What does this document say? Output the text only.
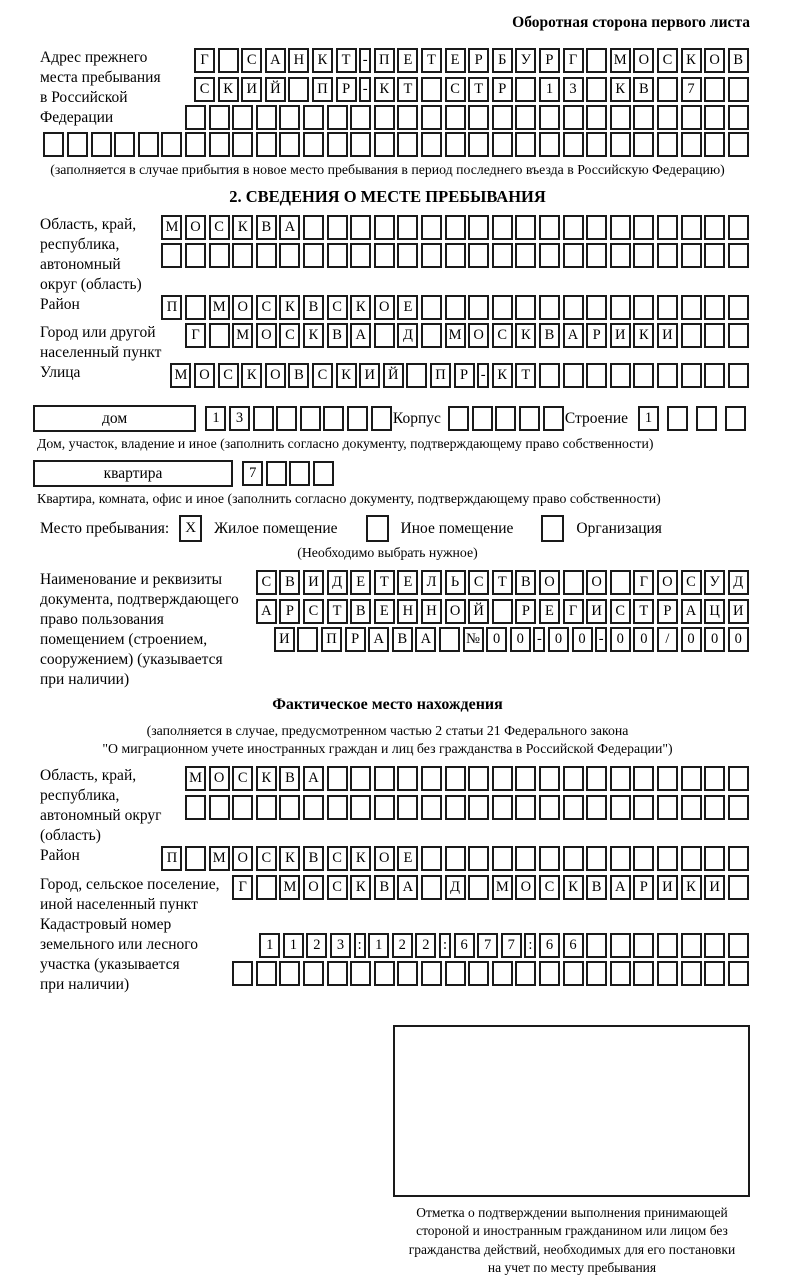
Оборотная сторона первого листа
Адрес прежнего
места пребывания
в Российской
Федерации
Г	С А Н К Т - П Е	Т	Е	Р	Б У Р	Г	М О С К О В
С К И Й	П Р - К Т	С Т	Р	1	3	К В	7
(заполняется в случае прибытия в новое место пребывания в период последнего въезда в Российскую Федерацию)
2. СВЕДЕНИЯ О МЕСТЕ ПРЕБЫВАНИЯ
Область, край,
республика,
автономный
округ (область)
М О С К В А
Район	П	М О С К В С К О Е
Город или другой
населенный пункт
Г	М О С К В А	Д	М О С К В А Р И К И
Улица	М О С К О В С К И Й	П Р - К Т
дом	1	3	Корпус	Строение	1
Дом, участок, владение и иное (заполнить согласно документу, подтверждающему право собственности)
квартира	7
Квартира, комната, офис и иное (заполнить согласно документу, подтверждающему право собственности)
Место пребывания:	X	Жилое помещение	Иное помещение	Организация
(Необходимо выбрать нужное)
Наименование и реквизиты
документа, подтверждающего
право пользования
помещением (строением,
сооружением) (указывается
при наличии)
С В И Д Е	Т	Е Л	Ь	С Т В О	О	Г О С У Д
А Р	С Т В Е Н Н О Й	Р	Е	Г И С Т	Р А Ц И
И	П Р А В А	№ 0	0 - 0	0 - 0	0	/	0	0	0
Фактическое место нахождения
(заполняется в случае, предусмотренном частью 2 статьи 21 Федерального закона
"О миграционном учете иностранных граждан и лиц без гражданства в Российской Федерации")
Область, край,
республика,
автономный округ
(область)
М О С К В А
Район	П	М О С К В С К О Е
Город, сельское поселение,
иной населенный пункт
Г	М О С К В А	Д	М О С К В А Р И К И
Кадастровый номер
земельного или лесного
участка (указывается
при наличии)
1	1	2	3 : 1	2	2 : 6	7	7 : 6	6
Отметка о подтверждении выполнения принимающей
стороной и иностранным гражданином или лицом без
гражданства действий, необходимых для его постановки
на учет по месту пребывания
